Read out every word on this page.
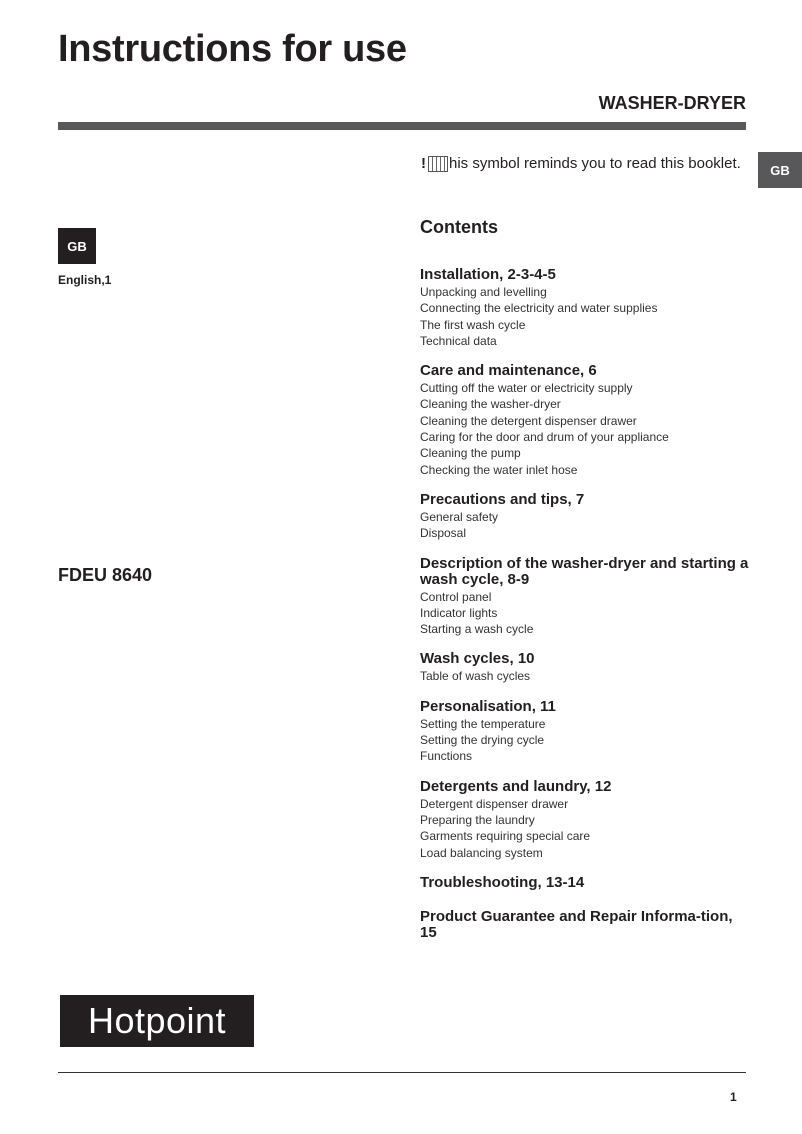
Instructions for use
WASHER-DRYER
! his symbol reminds you to read this booklet.	GB
GB
English,1
FDEU 8640
Contents
Installation, 2-3-4-5
Unpacking and levelling
Connecting the electricity and water supplies
The first wash cycle
Technical data
Care and maintenance, 6
Cutting off the water or electricity supply
Cleaning the washer-dryer
Cleaning the detergent dispenser drawer
Caring for the door and drum of your appliance
Cleaning the pump
Checking the water inlet hose
Precautions and tips, 7
General safety
Disposal
Description of the washer-dryer and starting a wash cycle, 8-9
Control panel
Indicator lights
Starting a wash cycle
Wash cycles, 10
Table of wash cycles
Personalisation, 11
Setting the temperature
Setting the drying cycle
Functions
Detergents and laundry, 12
Detergent dispenser drawer
Preparing the laundry
Garments requiring special care
Load balancing system
Troubleshooting, 13-14
Product Guarantee and Repair Informa-tion, 15
Hotpoint
1
